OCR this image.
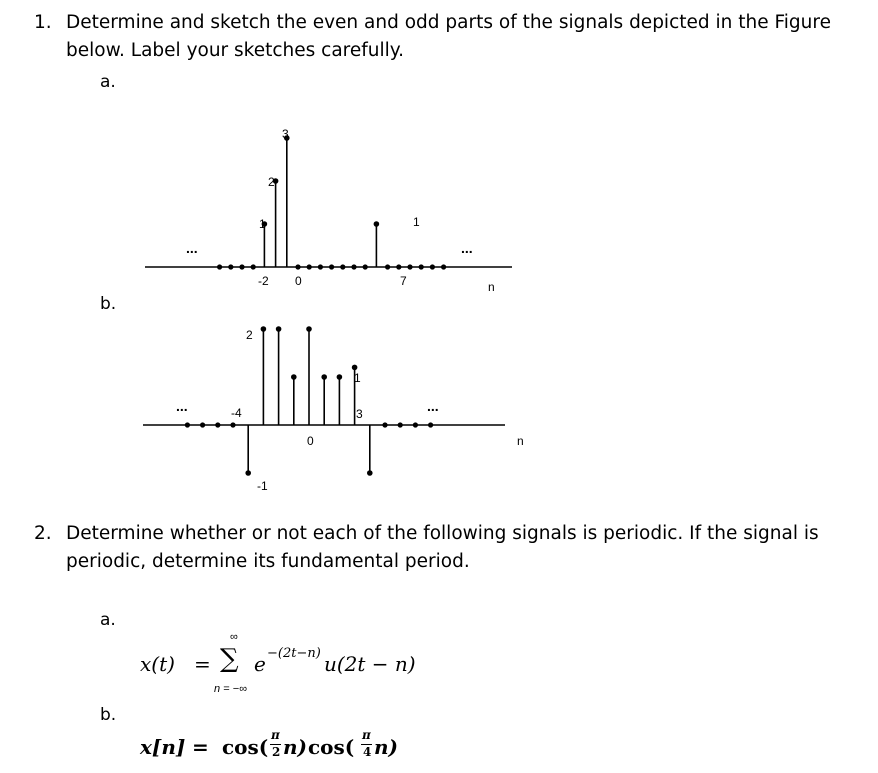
1. Determine and sketch the even and odd parts of the signals depicted in the Figure
below. Label your sketches carefully.
a.
...	...
n
1
2
3
1
-2 0	7
b.
...	...
n
2
1
-4
-1
0
3
2. Determine whether or not each of the following signals is periodic. If the signal is
periodic, determine its fundamental period.
a.
x(t) = ∑
∞
n = −∞
e −(2t−n) u(2t − n)
b.
x[n] = cos( π
2 n) cos( π
4 n)
